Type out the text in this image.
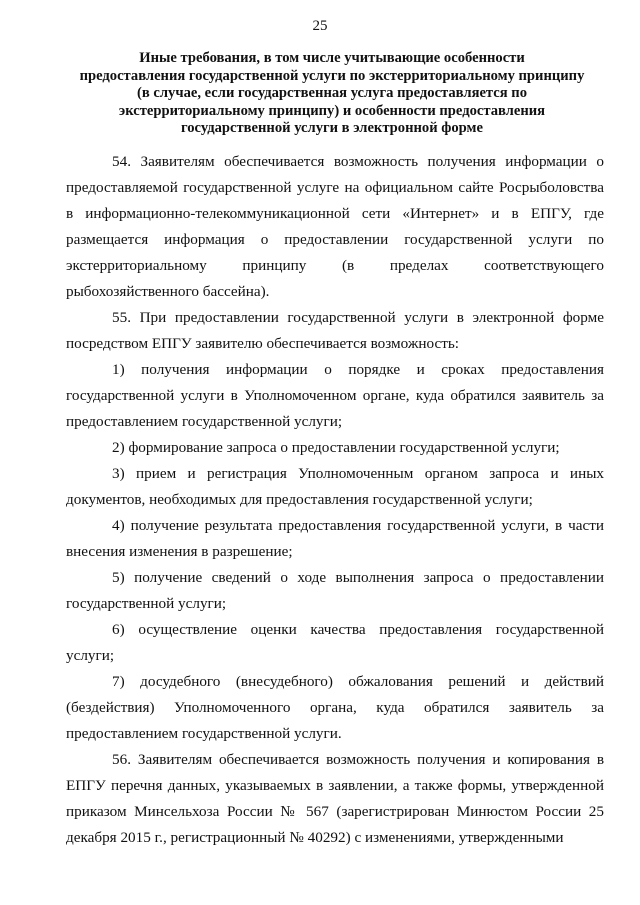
25
Иные требования, в том числе учитывающие особенности
предоставления государственной услуги по экстерриториальному принципу
(в случае, если государственная услуга предоставляется по
экстерриториальному принципу) и особенности предоставления
государственной услуги в электронной форме

54. Заявителям обеспечивается возможность получения информации о предоставляемой государственной услуге на официальном сайте Росрыболовства в информационно-телекоммуникационной сети «Интернет» и в ЕПГУ, где размещается информация о предоставлении государственной услуги по экстерриториальному принципу (в пределах соответствующего рыбохозяйственного бассейна).

55. При предоставлении государственной услуги в электронной форме посредством ЕПГУ заявителю обеспечивается возможность:

1) получения информации о порядке и сроках предоставления государственной услуги в Уполномоченном органе, куда обратился заявитель за предоставлением государственной услуги;

2) формирование запроса о предоставлении государственной услуги;

3) прием и регистрация Уполномоченным органом запроса и иных документов, необходимых для предоставления государственной услуги;

4) получение результата предоставления государственной услуги, в части внесения изменения в разрешение;

5) получение сведений о ходе выполнения запроса о предоставлении государственной услуги;

6) осуществление оценки качества предоставления государственной услуги;

7) досудебного (внесудебного) обжалования решений и действий (бездействия) Уполномоченного органа, куда обратился заявитель за предоставлением государственной услуги.

56. Заявителям обеспечивается возможность получения и копирования в ЕПГУ перечня данных, указываемых в заявлении, а также формы, утвержденной приказом Минсельхоза России № 567 (зарегистрирован Минюстом России 25 декабря 2015 г., регистрационный № 40292) с изменениями, утвержденными
